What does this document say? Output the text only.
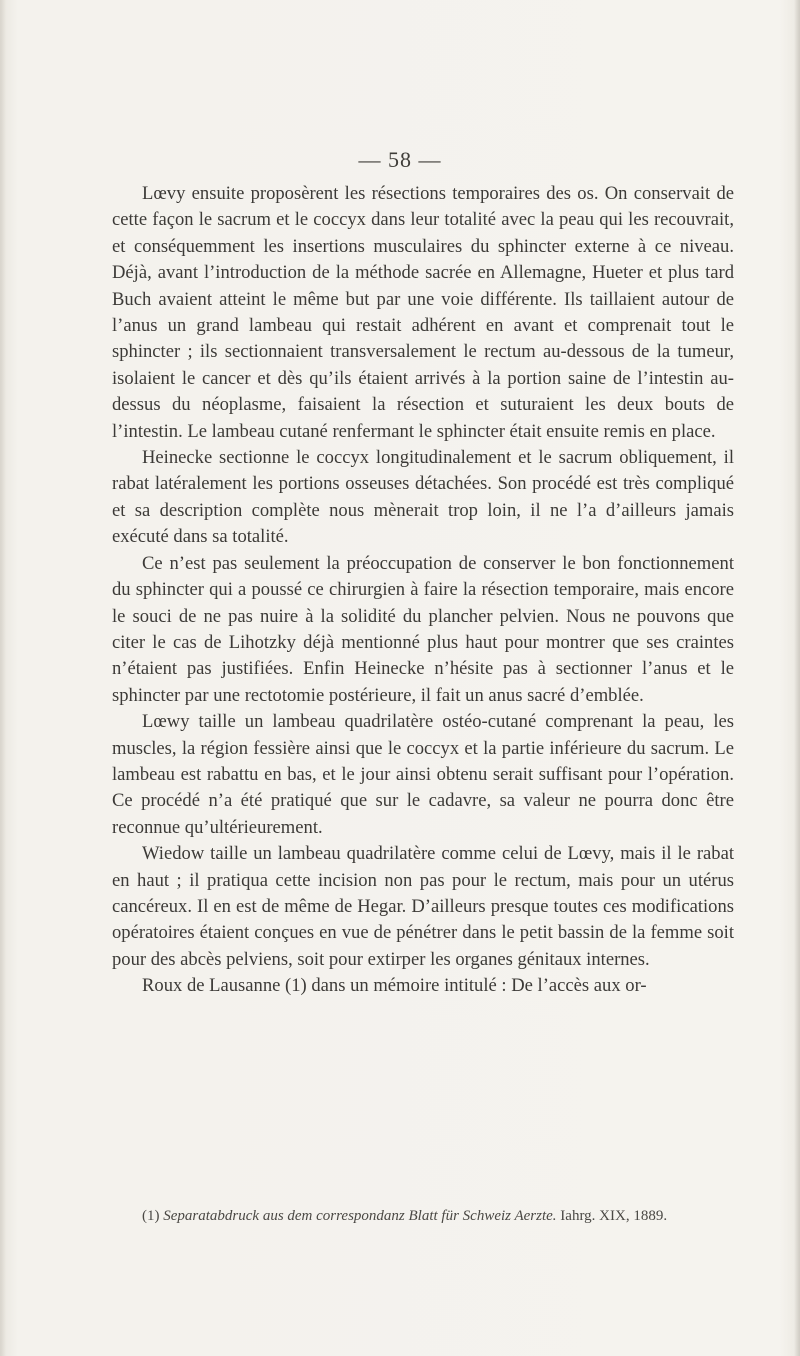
— 58 —

Lœvy ensuite proposèrent les résections temporaires des os. On conservait de cette façon le sacrum et le coccyx dans leur totalité avec la peau qui les recouvrait, et conséquemment les insertions musculaires du sphincter externe à ce niveau. Déjà, avant l’introduction de la méthode sacrée en Allemagne, Hueter et plus tard Buch avaient atteint le même but par une voie différente. Ils taillaient autour de l’anus un grand lambeau qui restait adhérent en avant et comprenait tout le sphincter ; ils sectionnaient transversalement le rectum au-dessous de la tumeur, isolaient le cancer et dès qu’ils étaient arrivés à la portion saine de l’intestin au-dessus du néoplasme, faisaient la résection et suturaient les deux bouts de l’intestin. Le lambeau cutané renfermant le sphincter était ensuite remis en place.

Heinecke sectionne le coccyx longitudinalement et le sacrum obliquement, il rabat latéralement les portions osseuses détachées. Son procédé est très compliqué et sa description complète nous mènerait trop loin, il ne l’a d’ailleurs jamais exécuté dans sa totalité.

Ce n’est pas seulement la préoccupation de conserver le bon fonctionnement du sphincter qui a poussé ce chirurgien à faire la résection temporaire, mais encore le souci de ne pas nuire à la solidité du plancher pelvien. Nous ne pouvons que citer le cas de Lihotzky déjà mentionné plus haut pour montrer que ses craintes n’étaient pas justifiées. Enfin Heinecke n’hésite pas à sectionner l’anus et le sphincter par une rectotomie postérieure, il fait un anus sacré d’emblée.

Lœwy taille un lambeau quadrilatère ostéo-cutané comprenant la peau, les muscles, la région fessière ainsi que le coccyx et la partie inférieure du sacrum. Le lambeau est rabattu en bas, et le jour ainsi obtenu serait suffisant pour l’opération. Ce procédé n’a été pratiqué que sur le cadavre, sa valeur ne pourra donc être reconnue qu’ultérieurement.

Wiedow taille un lambeau quadrilatère comme celui de Lœvy, mais il le rabat en haut ; il pratiqua cette incision non pas pour le rectum, mais pour un utérus cancéreux. Il en est de même de Hegar. D’ailleurs presque toutes ces modifications opératoires étaient conçues en vue de pénétrer dans le petit bassin de la femme soit pour des abcès pelviens, soit pour extirper les organes génitaux internes.

Roux de Lausanne (1) dans un mémoire intitulé : De l’accès aux or-

(1) Separatabdruck aus dem correspondanz Blatt für Schweiz Aerzte. Iahrg. XIX, 1889.
